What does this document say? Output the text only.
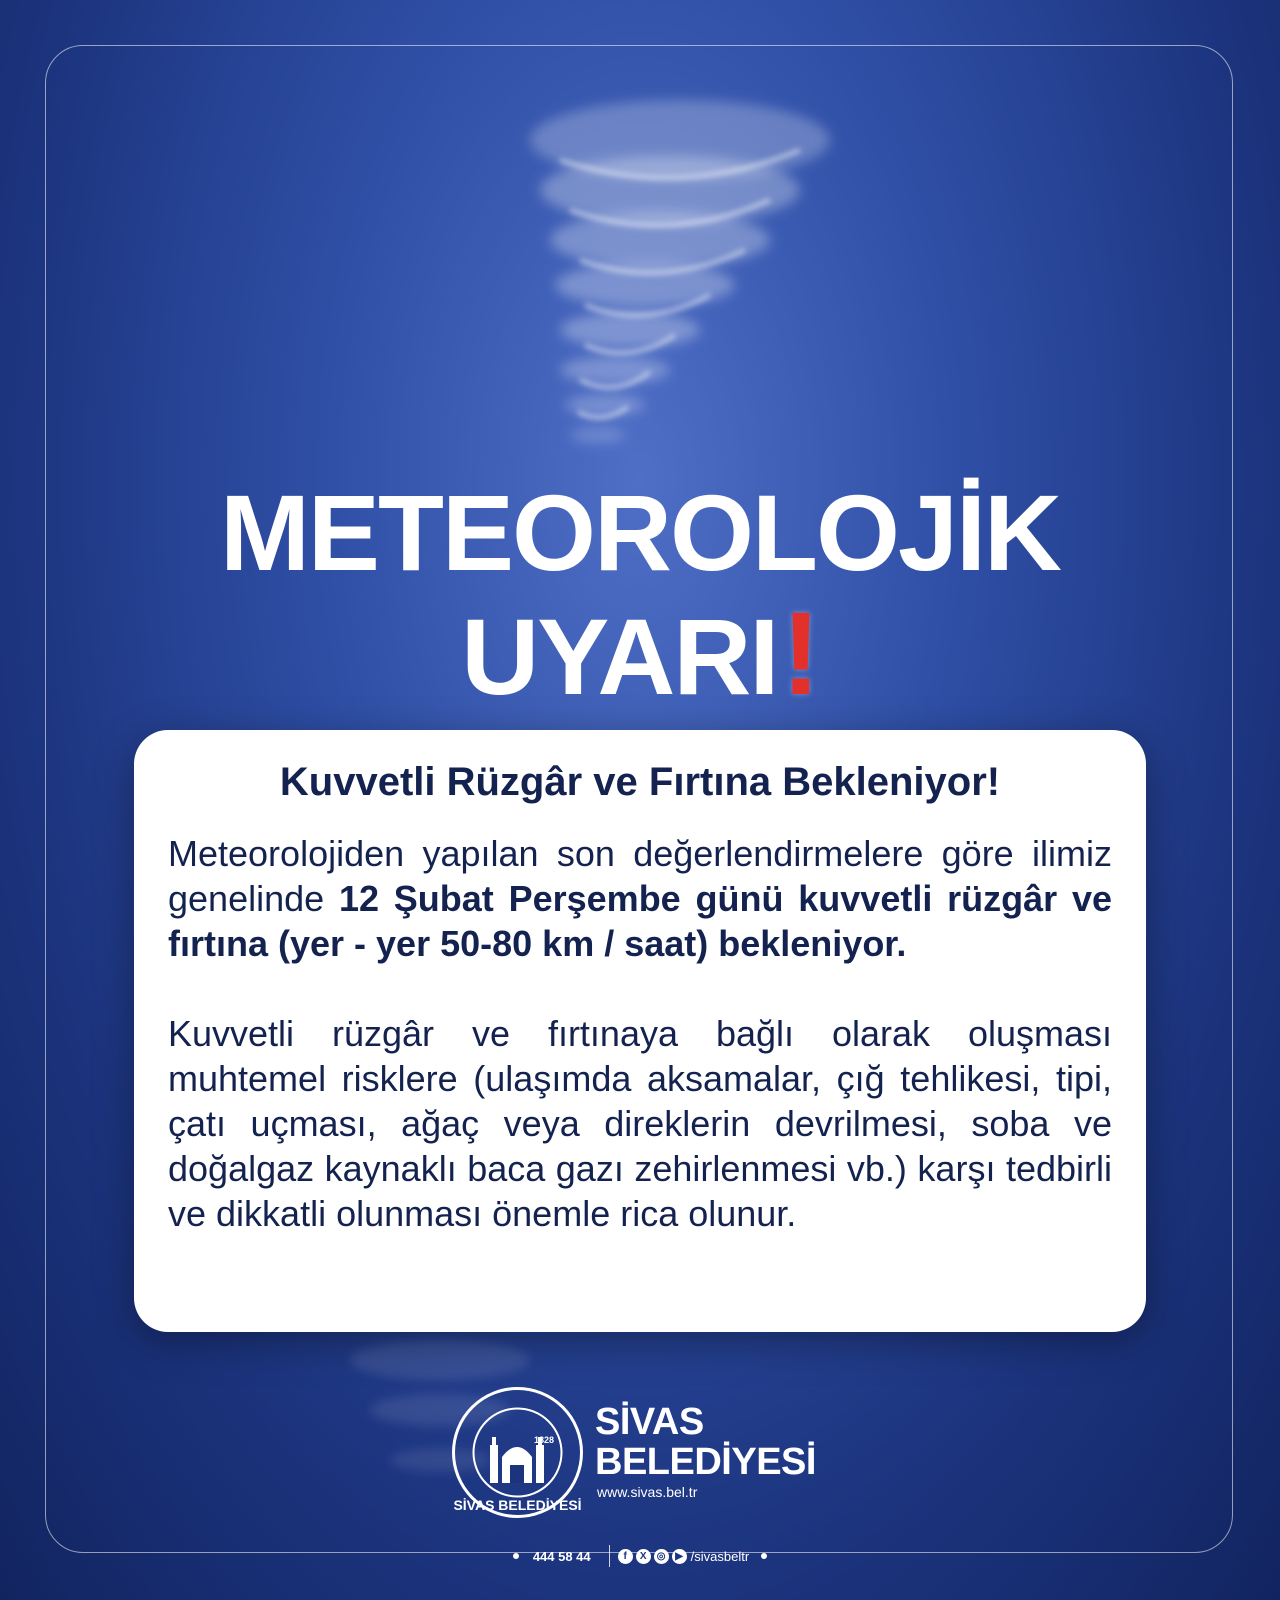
METEOROLOJİK
UYARI!
Kuvvetli Rüzgâr ve Fırtına Bekleniyor!

Meteorolojiden yapılan son değerlendirmelere göre ilimiz genelinde 12 Şubat Perşembe günü kuvvetli rüzgâr ve fırtına (yer - yer 50-80 km / saat) bekleniyor.

Kuvvetli rüzgâr ve fırtınaya bağlı olarak oluşması muhtemel risklere (ulaşımda aksamalar, çığ tehlikesi, tipi, çatı uçması, ağaç veya direklerin devrilmesi, soba ve doğalgaz kaynaklı baca gazı zehirlenmesi vb.) karşı tedbirli ve dikkatli olunması önemle rica olunur.

1828
SİVAS BELEDİYESİ
SİVAS
BELEDİYESİ
www.sivas.bel.tr
444 58 44	f	X	◎ ▶ /sivasbeltr
